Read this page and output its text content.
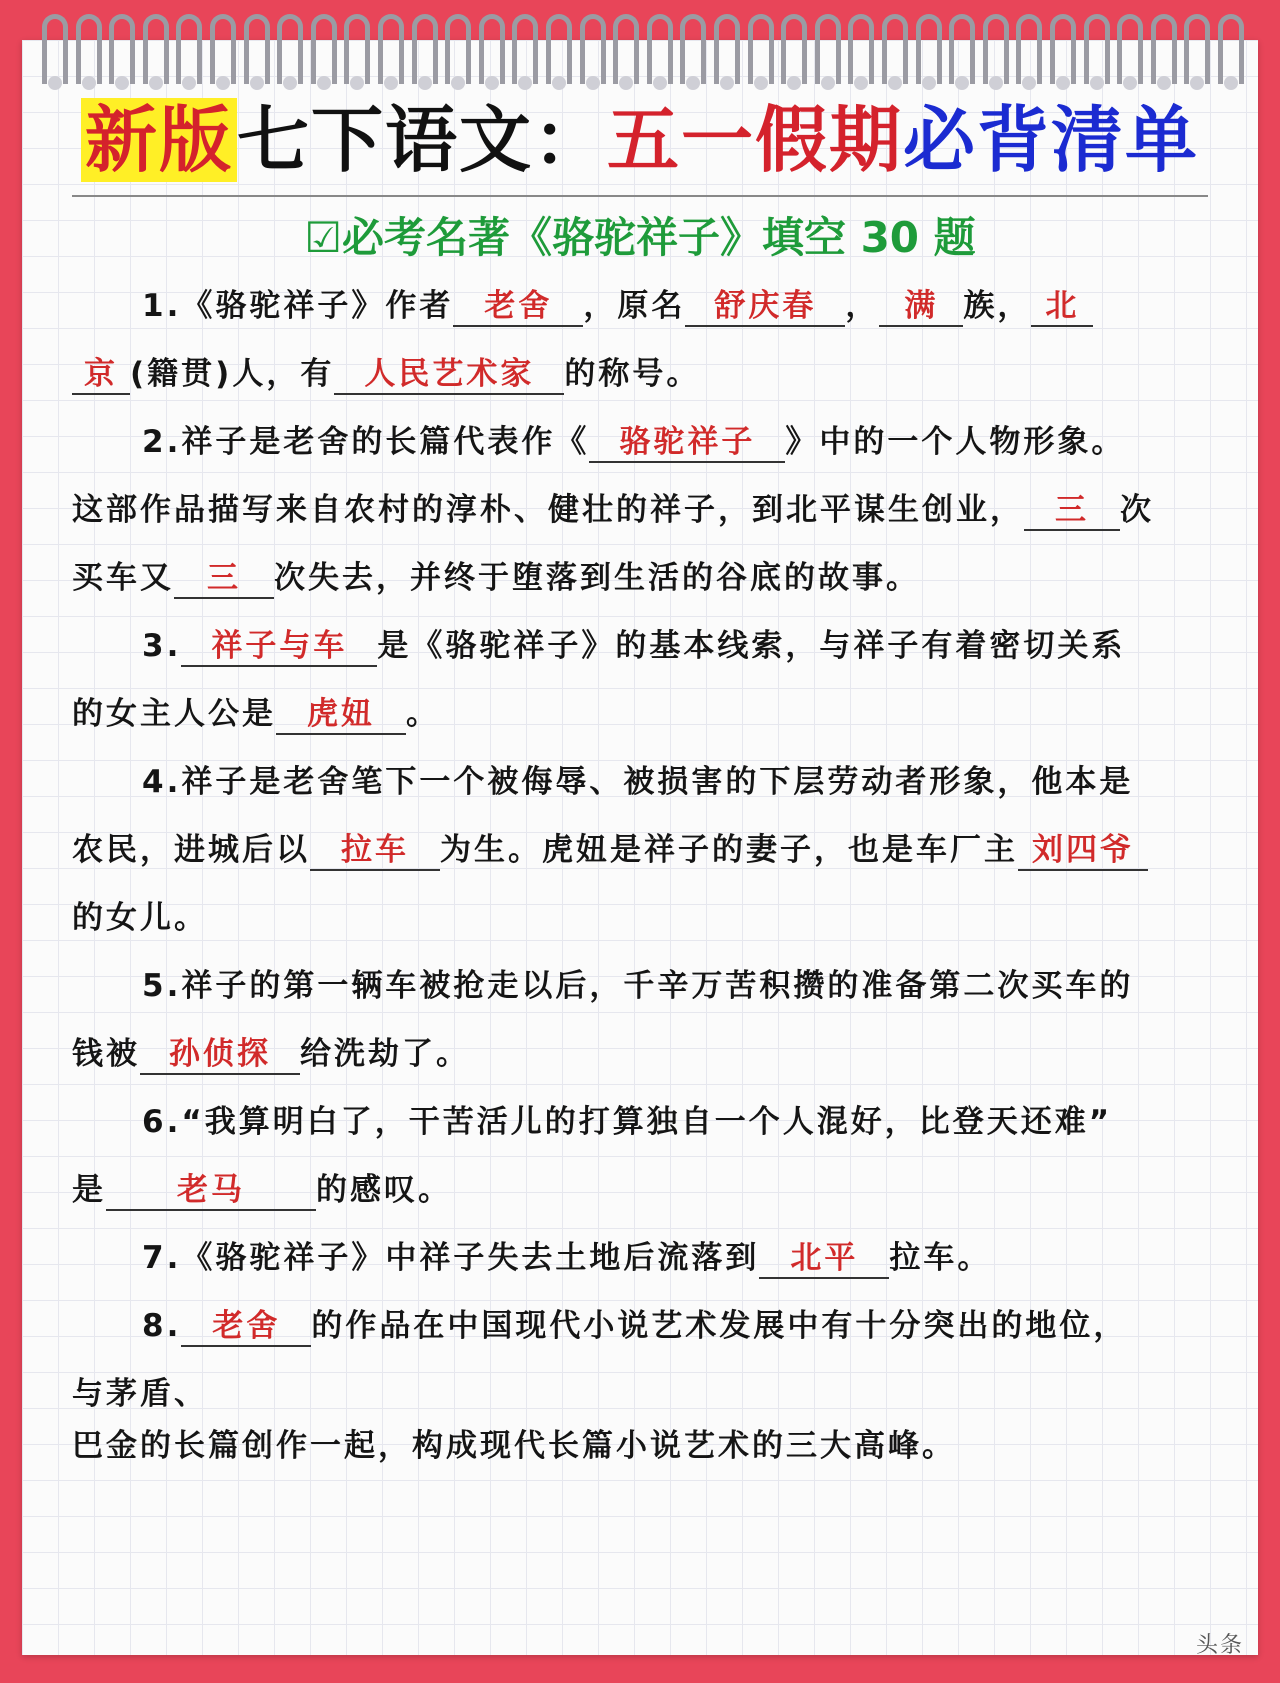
新版七下语文：五一假期必背清单
☑必考名著《骆驼祥子》填空 30 题
1.《骆驼祥子》作者 老舍 ，原名 舒庆春 ， 满 族， 北
京 (籍贯)人，有 人民艺术家 的称号。
2.祥子是老舍的长篇代表作《 骆驼祥子 》中的一个人物形象。
这部作品描写来自农村的淳朴、健壮的祥子，到北平谋生创业， 三 次
买车又 三 次失去，并终于堕落到生活的谷底的故事。
3. 祥子与车 是《骆驼祥子》的基本线索，与祥子有着密切关系
的女主人公是 虎妞 。
4.祥子是老舍笔下一个被侮辱、被损害的下层劳动者形象，他本是
农民，进城后以 拉车 为生。虎妞是祥子的妻子，也是车厂主 刘四爷
的女儿。
5.祥子的第一辆车被抢走以后，千辛万苦积攒的准备第二次买车的
钱被 孙侦探 给洗劫了。
6.“我算明白了，干苦活儿的打算独自一个人混好，比登天还难”
是 老马 的感叹。
7.《骆驼祥子》中祥子失去土地后流落到 北平 拉车。
8. 老舍 的作品在中国现代小说艺术发展中有十分突出的地位，
与茅盾、
巴金的长篇创作一起，构成现代长篇小说艺术的三大高峰。
头条
